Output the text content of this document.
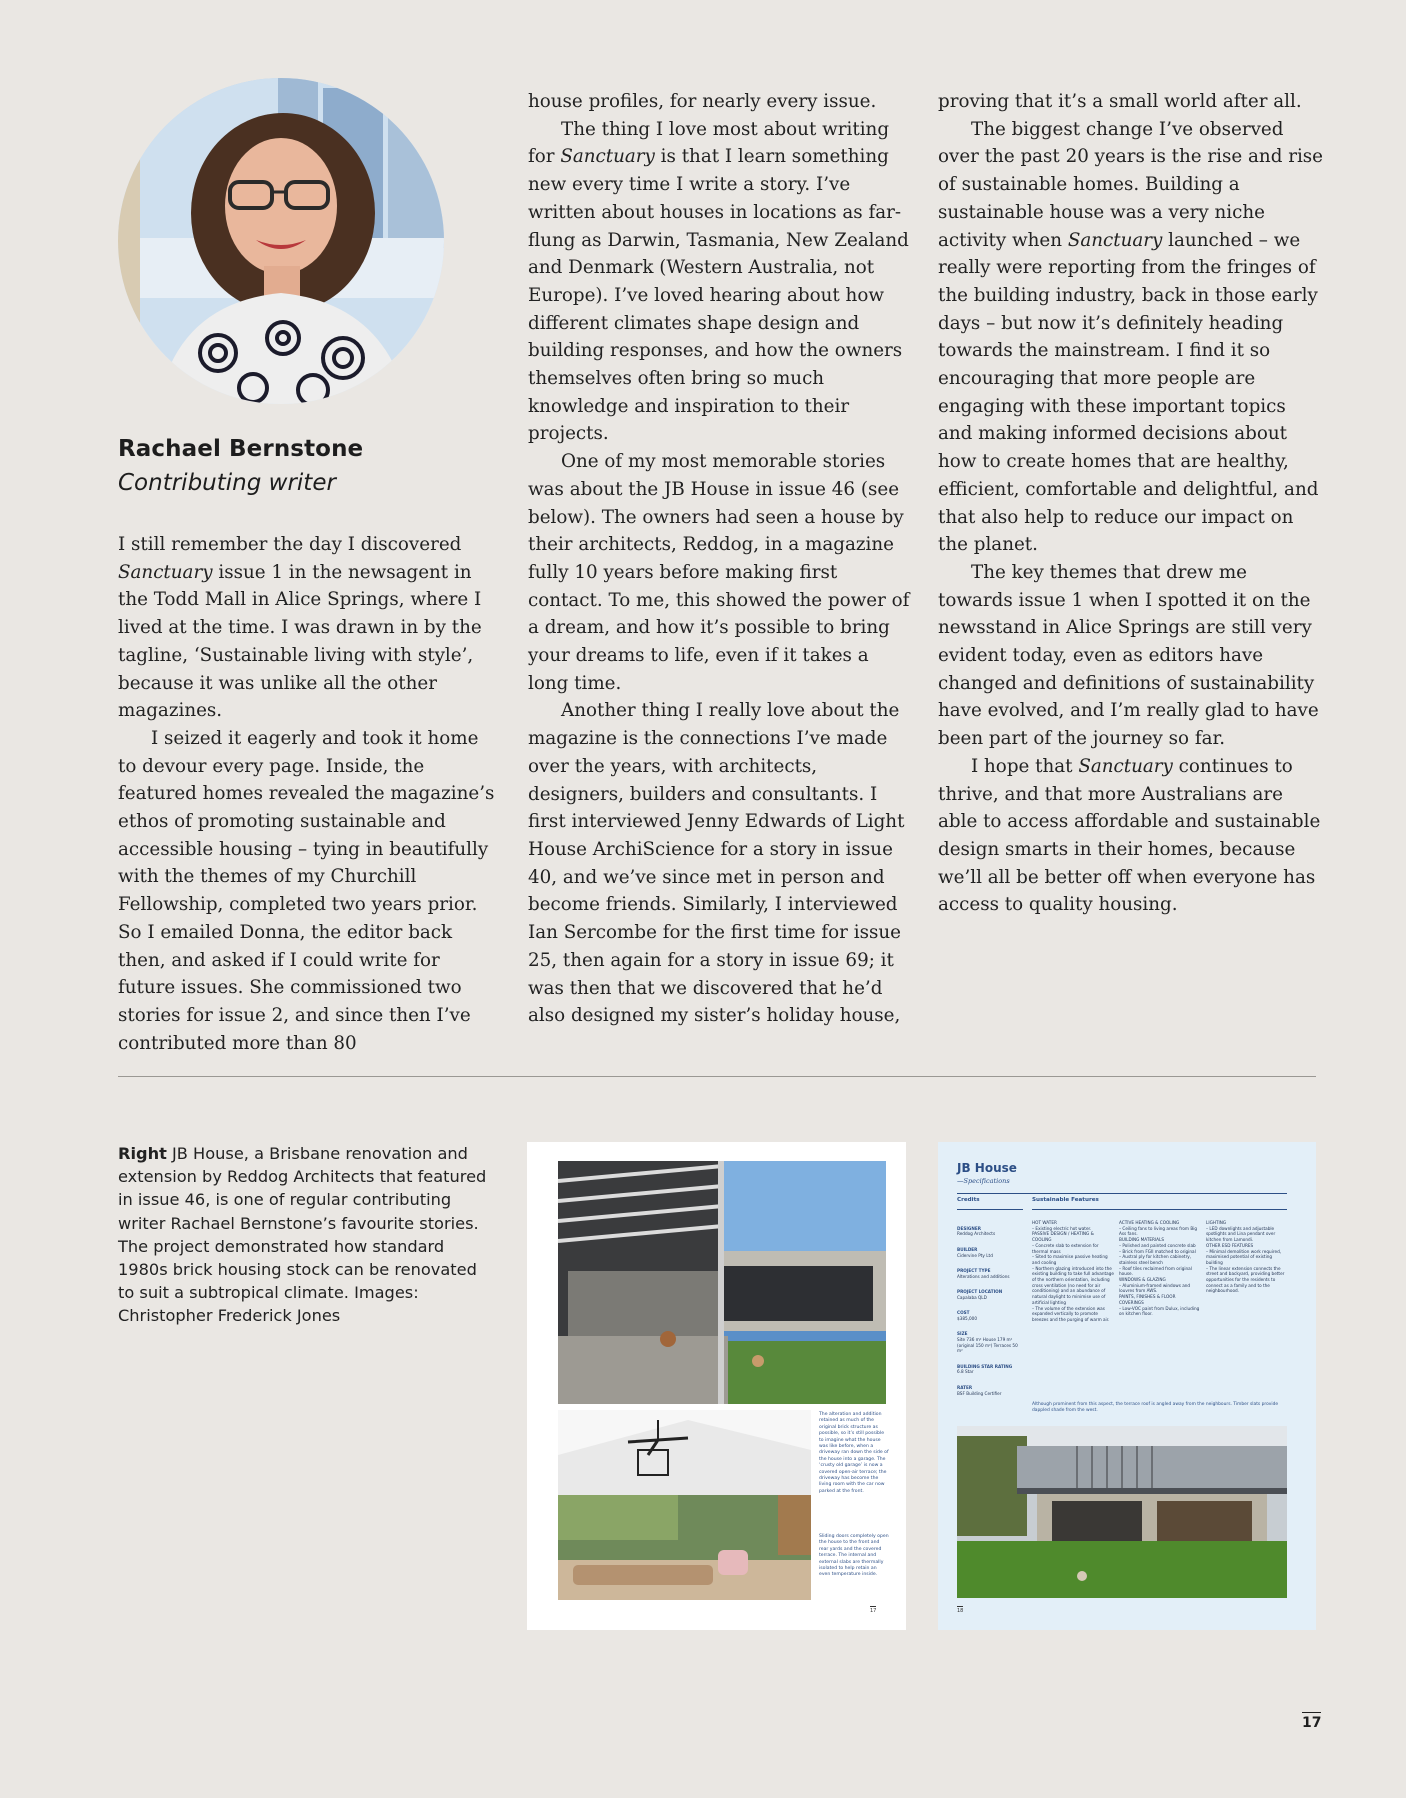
Rachael Bernstone
Contributing writer

I still remember the day I discovered Sanctuary issue 1 in the newsagent in the Todd Mall in Alice Springs, where I lived at the time. I was drawn in by the tagline, ‘Sustainable living with style’, because it was unlike all the other magazines.

I seized it eagerly and took it home to devour every page. Inside, the featured homes revealed the magazine’s ethos of promoting sustainable and accessible housing – tying in beautifully with the themes of my Churchill Fellowship, completed two years prior. So I emailed Donna, the editor back then, and asked if I could write for future issues. She commissioned two stories for issue 2, and since then I’ve contributed more than 80

house profiles, for nearly every issue.

The thing I love most about writing for Sanctuary is that I learn something new every time I write a story. I’ve written about houses in locations as far-flung as Darwin, Tasmania, New Zealand and Denmark (Western Australia, not Europe). I’ve loved hearing about how different climates shape design and building responses, and how the owners themselves often bring so much knowledge and inspiration to their projects.

One of my most memorable stories was about the JB House in issue 46 (see below). The owners had seen a house by their architects, Reddog, in a magazine fully 10 years before making first contact. To me, this showed the power of a dream, and how it’s possible to bring your dreams to life, even if it takes a long time.

Another thing I really love about the magazine is the connections I’ve made over the years, with architects, designers, builders and consultants. I first interviewed Jenny Edwards of Light House ArchiScience for a story in issue 40, and we’ve since met in person and become friends. Similarly, I interviewed Ian Sercombe for the first time for issue 25, then again for a story in issue 69; it was then that we discovered that he’d also designed my sister’s holiday house,

proving that it’s a small world after all.

The biggest change I’ve observed over the past 20 years is the rise and rise of sustainable homes. Building a sustainable house was a very niche activity when Sanctuary launched – we really were reporting from the fringes of the building industry, back in those early days – but now it’s definitely heading towards the mainstream. I find it so encouraging that more people are engaging with these important topics and making informed decisions about how to create homes that are healthy, efficient, comfortable and delightful, and that also help to reduce our impact on the planet.

The key themes that drew me towards issue 1 when I spotted it on the newsstand in Alice Springs are still very evident today, even as editors have changed and definitions of sustainability have evolved, and I’m really glad to have been part of the journey so far.

I hope that Sanctuary continues to thrive, and that more Australians are able to access affordable and sustainable design smarts in their homes, because we’ll all be better off when everyone has access to quality housing.

Right JB House, a Brisbane renovation and extension by Reddog Architects that featured in issue 46, is one of regular contributing writer Rachael Bernstone’s favourite stories. The project demonstrated how standard 1980s brick housing stock can be renovated to suit a subtropical climate. Images: Christopher Frederick Jones
The alteration and addition retained as much of the original brick structure as possible, so it’s still possible to imagine what the house was like before, when a driveway ran down the side of the house into a garage. The ‘crusty old garage’ is now a covered open-air terrace; the driveway has become the living room with the car now parked at the front.
Sliding doors completely open the house to the front and rear yards and the covered terrace. The internal and external slabs are thermally isolated to help retain an even temperature inside.
17
JB House
—Specifications
Credits	Sustainable Features

DESIGNER
Reddog Architects

BUILDER
Cidervine Pty Ltd

PROJECT TYPE
Alterations and additions

PROJECT LOCATION
Capalaba QLD

COST
$385,000

SIZE
Site 736 m² House 179 m² (original 150 m²) Terraces 50 m²

BUILDING STAR RATING
6.8 Star

RATER
BSF Building Certifier

HOT WATER
– Existing electric hot water.
PASSIVE DESIGN / HEATING & COOLING
– Concrete slab to extension for thermal mass
– Sited to maximise passive heating and cooling
– Northern glazing introduced into the existing building to take full advantage of the northern orientation, including cross ventilation (no need for air conditioning) and an abundance of natural daylight to minimise use of artificial lighting
– The volume of the extension was expanded vertically to promote breezes and the purging of warm air.
ACTIVE HEATING & COOLING
– Ceiling fans to living areas from Big Ass fans.
BUILDING MATERIALS
– Polished and painted concrete slab
– Brick from FGII matched to original
– Austral ply for kitchen cabinetry, stainless steel bench
– Roof tiles reclaimed from original house.
WINDOWS & GLAZING
– Aluminium-framed windows and louvres from AWS.
PAINTS, FINISHES & FLOOR COVERINGS
– Low-VOC paint from Dulux, including on kitchen floor.
LIGHTING
– LED downlights and adjustable spotlights and Lina pendant over kitchen from Lamondi.
OTHER ESD FEATURES
– Minimal demolition work required, maximised potential of existing building
– The linear extension connects the street and backyard, providing better opportunities for the residents to connect as a family and to the neighbourhood.
Although prominent from this aspect, the terrace roof is angled away from the neighbours. Timber slats provide dappled shade from the west.
18
17
